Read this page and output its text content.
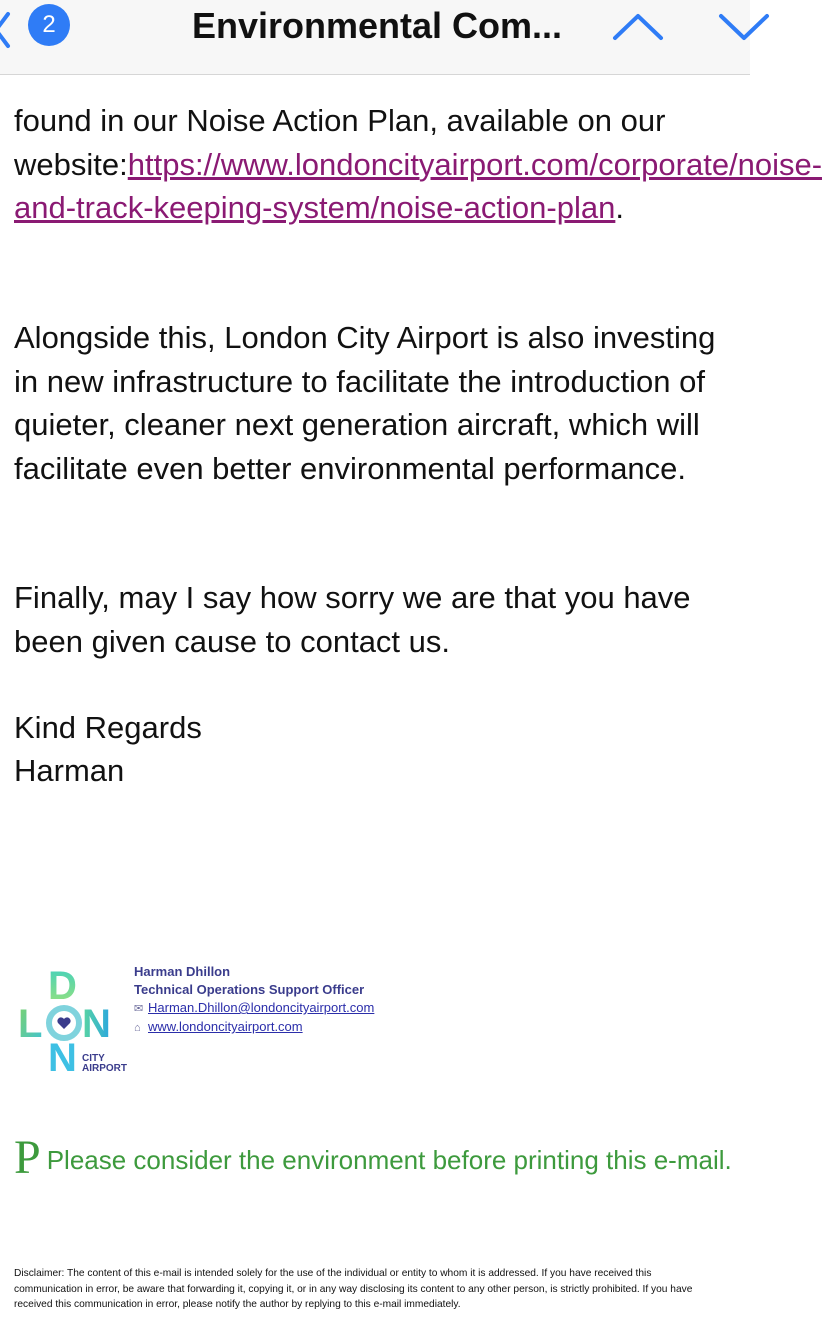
2	Environmental Com...
found in our Noise Action Plan, available on our website:https://www.londoncityairport.com/corporate/noise-and-track-keeping-system/noise-action-plan.
Alongside this, London City Airport is also investing in new infrastructure to facilitate the introduction of quieter, cleaner next generation aircraft, which will facilitate even better environmental performance.
Finally, may I say how sorry we are that you have been given cause to contact us.
Kind Regards
Harman
D
L N
N CITY
AIRPORT
Harman Dhillon
Technical Operations Support Officer
✉ Harman.Dhillon@londoncityairport.com
⌂ www.londoncityairport.com
P Please consider the environment before printing this e-mail.
Disclaimer: The content of this e-mail is intended solely for the use of the individual or entity to whom it is addressed. If you have received this communication in error, be aware that forwarding it, copying it, or in any way disclosing its content to any other person, is strictly prohibited. If you have received this communication in error, please notify the author by replying to this e-mail immediately.
